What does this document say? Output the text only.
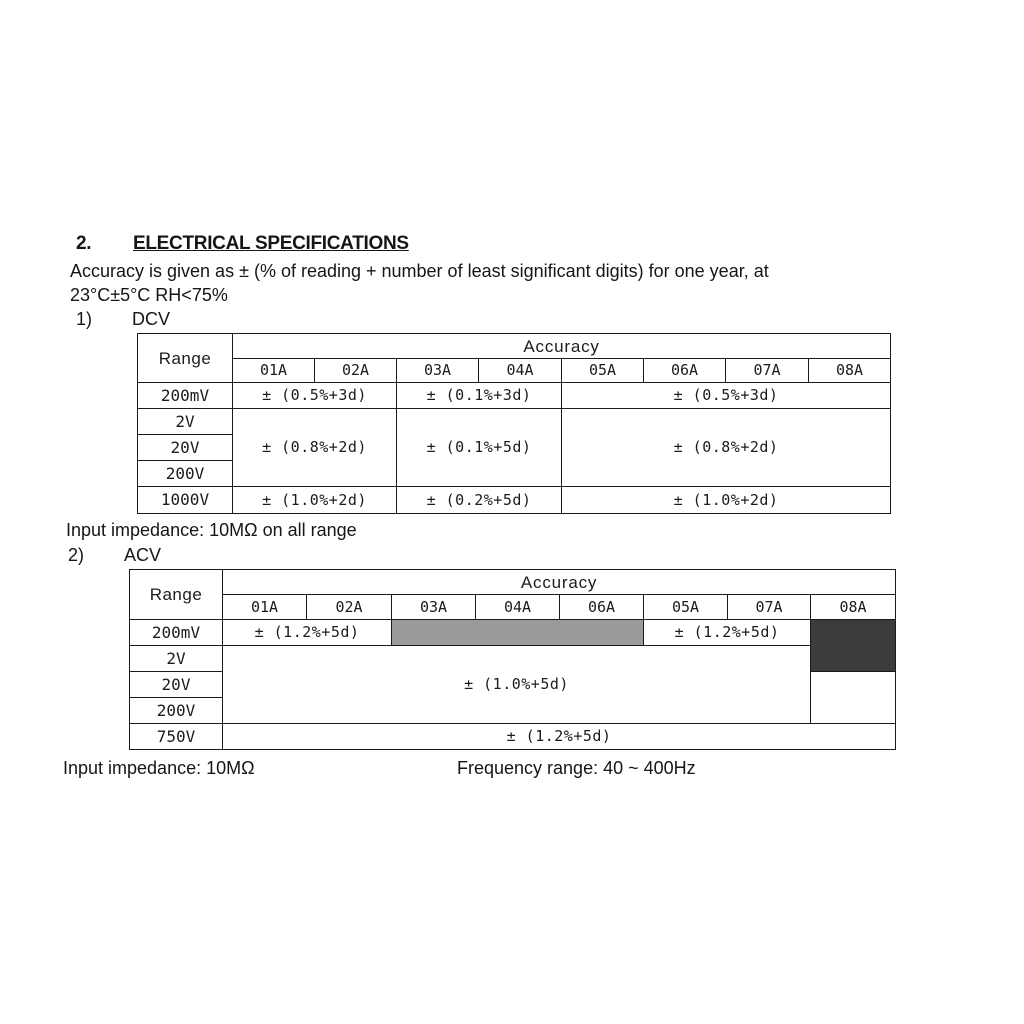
2. ELECTRICAL SPECIFICATIONS
Accuracy is given as ± (% of reading + number of least significant digits) for one year, at
23°C±5°C RH<75%
1) DCV
Range	Accuracy							
	01A	02A	03A	04A	05A	06A	07A	08A
200mV	± (0.5%+3d)		± (0.1%+3d)		± (0.5%+3d)			
2V	± (0.8%+2d)		± (0.1%+5d)		± (0.8%+2d)			
20V								
200V								
1000V	± (1.0%+2d)		± (0.2%+5d)		± (1.0%+2d)			
Input impedance: 10MΩ on all range
2) ACV
Range	Accuracy							
	01A	02A	03A	04A	06A	05A	07A	08A
200mV	± (1.2%+5d)					± (1.2%+5d)		
2V	± (1.0%+5d)							
20V								
200V								
750V	± (1.2%+5d)							
Input impedance: 10MΩ	Frequency range: 40 ~ 400Hz
